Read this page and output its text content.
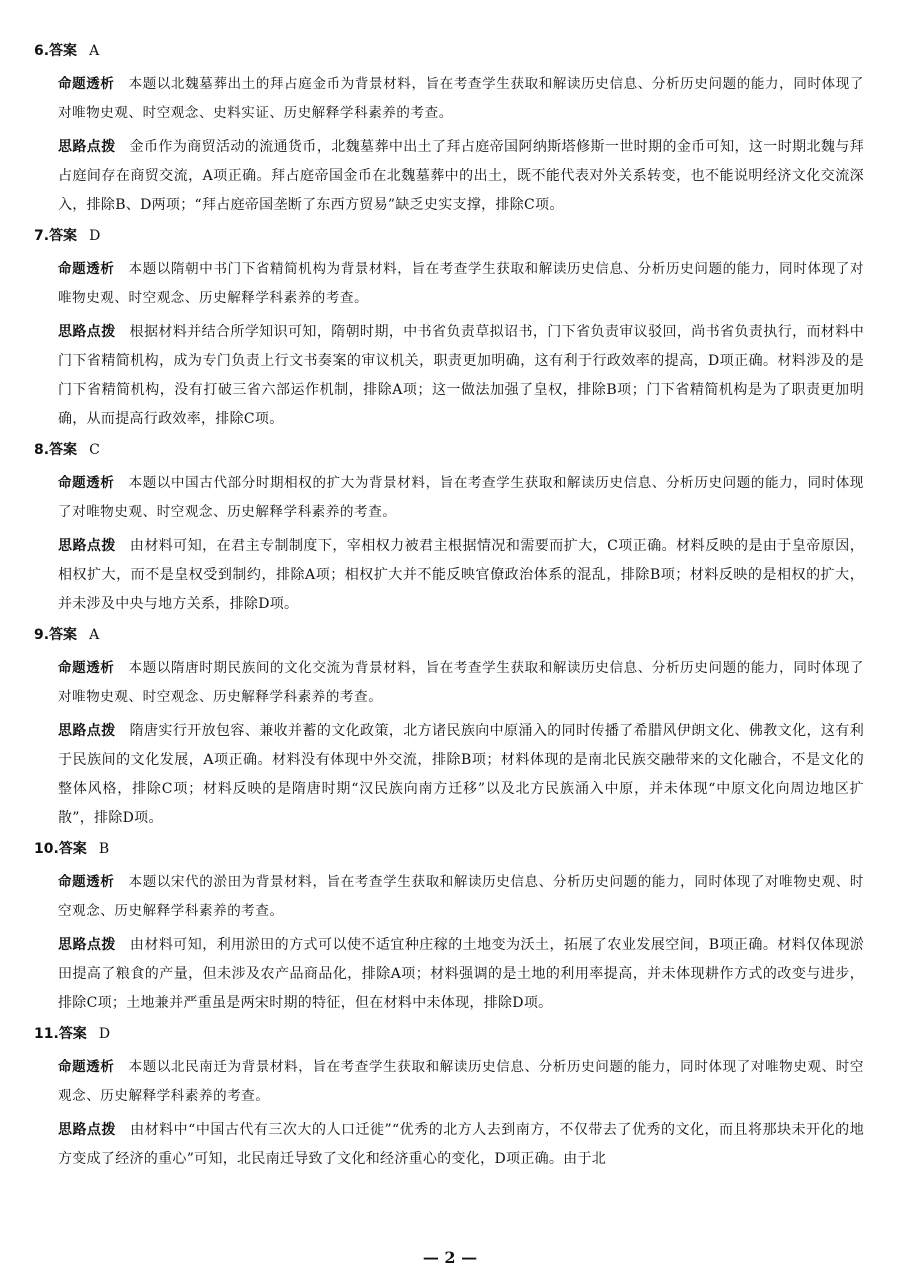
6.答案 A

命题透析 本题以北魏墓葬出土的拜占庭金币为背景材料，旨在考查学生获取和解读历史信息、分析历史问题的能力，同时体现了对唯物史观、时空观念、史料实证、历史解释学科素养的考查。

思路点拨 金币作为商贸活动的流通货币，北魏墓葬中出土了拜占庭帝国阿纳斯塔修斯一世时期的金币可知，这一时期北魏与拜占庭间存在商贸交流，A项正确。拜占庭帝国金币在北魏墓葬中的出土，既不能代表对外关系转变，也不能说明经济文化交流深入，排除B、D两项；“拜占庭帝国垄断了东西方贸易”缺乏史实支撑，排除C项。

7.答案 D

命题透析 本题以隋朝中书门下省精简机构为背景材料，旨在考查学生获取和解读历史信息、分析历史问题的能力，同时体现了对唯物史观、时空观念、历史解释学科素养的考查。

思路点拨 根据材料并结合所学知识可知，隋朝时期，中书省负责草拟诏书，门下省负责审议驳回，尚书省负责执行，而材料中门下省精简机构，成为专门负责上行文书奏案的审议机关，职责更加明确，这有利于行政效率的提高，D项正确。材料涉及的是门下省精简机构，没有打破三省六部运作机制，排除A项；这一做法加强了皇权，排除B项；门下省精简机构是为了职责更加明确，从而提高行政效率，排除C项。

8.答案 C

命题透析 本题以中国古代部分时期相权的扩大为背景材料，旨在考查学生获取和解读历史信息、分析历史问题的能力，同时体现了对唯物史观、时空观念、历史解释学科素养的考查。

思路点拨 由材料可知，在君主专制制度下，宰相权力被君主根据情况和需要而扩大，C项正确。材料反映的是由于皇帝原因，相权扩大，而不是皇权受到制约，排除A项；相权扩大并不能反映官僚政治体系的混乱，排除B项；材料反映的是相权的扩大，并未涉及中央与地方关系，排除D项。

9.答案 A

命题透析 本题以隋唐时期民族间的文化交流为背景材料，旨在考查学生获取和解读历史信息、分析历史问题的能力，同时体现了对唯物史观、时空观念、历史解释学科素养的考查。

思路点拨 隋唐实行开放包容、兼收并蓄的文化政策，北方诸民族向中原涌入的同时传播了希腊风伊朗文化、佛教文化，这有利于民族间的文化发展，A项正确。材料没有体现中外交流，排除B项；材料体现的是南北民族交融带来的文化融合，不是文化的整体风格，排除C项；材料反映的是隋唐时期“汉民族向南方迁移”以及北方民族涌入中原，并未体现“中原文化向周边地区扩散”，排除D项。

10.答案 B

命题透析 本题以宋代的淤田为背景材料，旨在考查学生获取和解读历史信息、分析历史问题的能力，同时体现了对唯物史观、时空观念、历史解释学科素养的考查。

思路点拨 由材料可知，利用淤田的方式可以使不适宜种庄稼的土地变为沃土，拓展了农业发展空间，B项正确。材料仅体现淤田提高了粮食的产量，但未涉及农产品商品化，排除A项；材料强调的是土地的利用率提高，并未体现耕作方式的改变与进步，排除C项；土地兼并严重虽是两宋时期的特征，但在材料中未体现，排除D项。

11.答案 D

命题透析 本题以北民南迁为背景材料，旨在考查学生获取和解读历史信息、分析历史问题的能力，同时体现了对唯物史观、时空观念、历史解释学科素养的考查。

思路点拨 由材料中“中国古代有三次大的人口迁徙”“优秀的北方人去到南方，不仅带去了优秀的文化，而且将那块未开化的地方变成了经济的重心”可知，北民南迁导致了文化和经济重心的变化，D项正确。由于北

— 2 —
